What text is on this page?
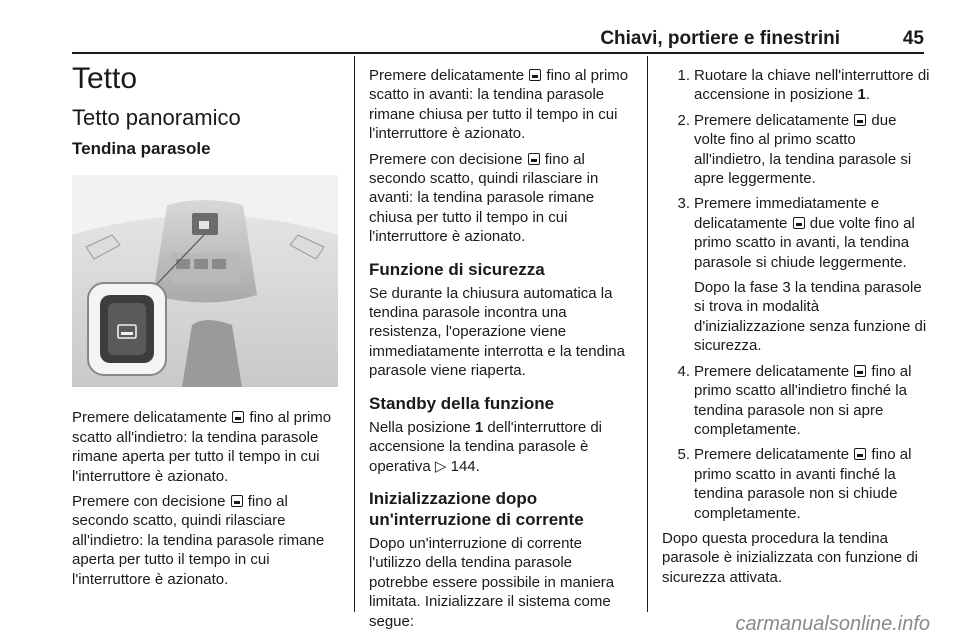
Chiavi, portiere e finestrini	45
Tetto
Tetto panoramico
Tendina parasole

Premere delicatamente fino al primo scatto all'indietro: la tendina parasole rimane aperta per tutto il tempo in cui l'interruttore è azionato.

Premere con decisione fino al secondo scatto, quindi rilasciare all'indietro: la tendina parasole rimane aperta per tutto il tempo in cui l'interruttore è azionato.

Premere delicatamente fino al primo scatto in avanti: la tendina parasole rimane chiusa per tutto il tempo in cui l'interruttore è azionato.

Premere con decisione fino al secondo scatto, quindi rilasciare in avanti: la tendina parasole rimane chiusa per tutto il tempo in cui l'interruttore è azionato.

Funzione di sicurezza

Se durante la chiusura automatica la tendina parasole incontra una resistenza, l'operazione viene immediatamente interrotta e la tendina parasole viene riaperta.

Standby della funzione

Nella posizione 1 dell'interruttore di accensione la tendina parasole è operativa ▷ 144.

Inizializzazione dopo un'interruzione di corrente

Dopo un'interruzione di corrente l'utilizzo della tendina parasole potrebbe essere possibile in maniera limitata. Inizializzare il sistema come segue:

1. Ruotare la chiave nell'interruttore di accensione in posizione 1.
2. Premere delicatamente due volte fino al primo scatto all'indietro, la tendina parasole si apre leggermente.
3. Premere immediatamente e delicatamente due volte fino al primo scatto in avanti, la tendina parasole si chiude leggermente.
Dopo la fase 3 la tendina parasole si trova in modalità d'inizializzazione senza funzione di sicurezza.
4. Premere delicatamente fino al primo scatto all'indietro finché la tendina parasole non si apre completamente.
5. Premere delicatamente fino al primo scatto in avanti finché la tendina parasole non si chiude completamente.

Dopo questa procedura la tendina parasole è inizializzata con funzione di sicurezza attivata.

carmanualsonline.info
